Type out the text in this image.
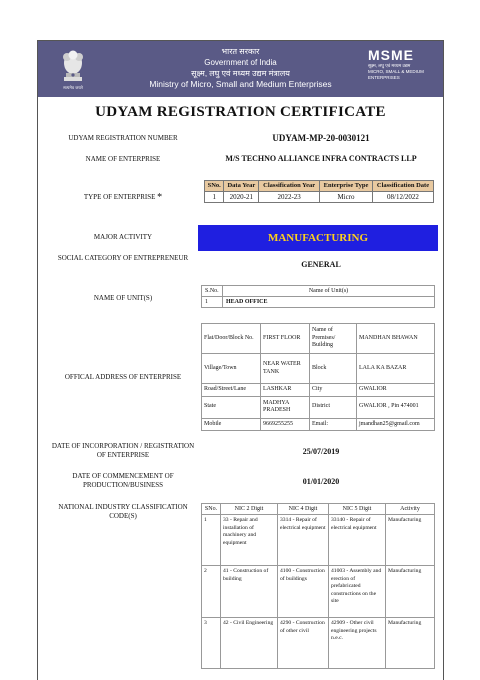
सत्यमेव जयते
भारत सरकार
Government of India
सूक्ष्म, लघु एवं मध्यम उद्यम मंत्रालय
Ministry of Micro, Small and Medium Enterprises
MSME
सूक्ष्म, लघु एवं मध्यम उद्यम
MICRO, SMALL & MEDIUM ENTERPRISES
UDYAM REGISTRATION CERTIFICATE
UDYAM REGISTRATION NUMBER	UDYAM-MP-20-0030121
NAME OF ENTERPRISE	M/S TECHNO ALLIANCE INFRA CONTRACTS LLP
TYPE OF ENTERPRISE *
SNo.	Data Year	Classification Year	Enterprise Type	Classification Date
1	2020-21	2022-23	Micro	08/12/2022
MAJOR ACTIVITY	MANUFACTURING
SOCIAL CATEGORY OF ENTREPRENEUR
GENERAL
NAME OF UNIT(S)
S.No.	Name of Unit(s)
1	HEAD OFFICE
OFFICAL ADDRESS OF ENTERPRISE
Flat/Door/Block No.	FIRST FLOOR	Name of Premises/ Building	MANDHAN BHAWAN
Village/Town	NEAR WATER TANK	Block	LALA KA BAZAR
Road/Street/Lane	LASHKAR	City	GWALIOR
State	MADHYA PRADESH	District	GWALIOR , Pin 474001
Mobile	9669255255	Email:	jmandhan25@gmail.com
DATE OF INCORPORATION / REGISTRATION OF ENTERPRISE	25/07/2019
DATE OF COMMENCEMENT OF PRODUCTION/BUSINESS	01/01/2020
NATIONAL INDUSTRY CLASSIFICATION CODE(S)
SNo.	NIC 2 Digit	NIC 4 Digit	NIC 5 Digit	Activity
1	33 - Repair and installation of machinery and equipment	3314 - Repair of electrical equipment	33140 - Repair of electrical equipment	Manufacturing
2	41 - Construction of building	4100 - Construction of buildings	41003 - Assembly and erection of prefabricated constructions on the site	Manufacturing
3	42 - Civil Engineering	4290 - Construction of other civil	42909 - Other civil engineering projects n.e.c.	Manufacturing
